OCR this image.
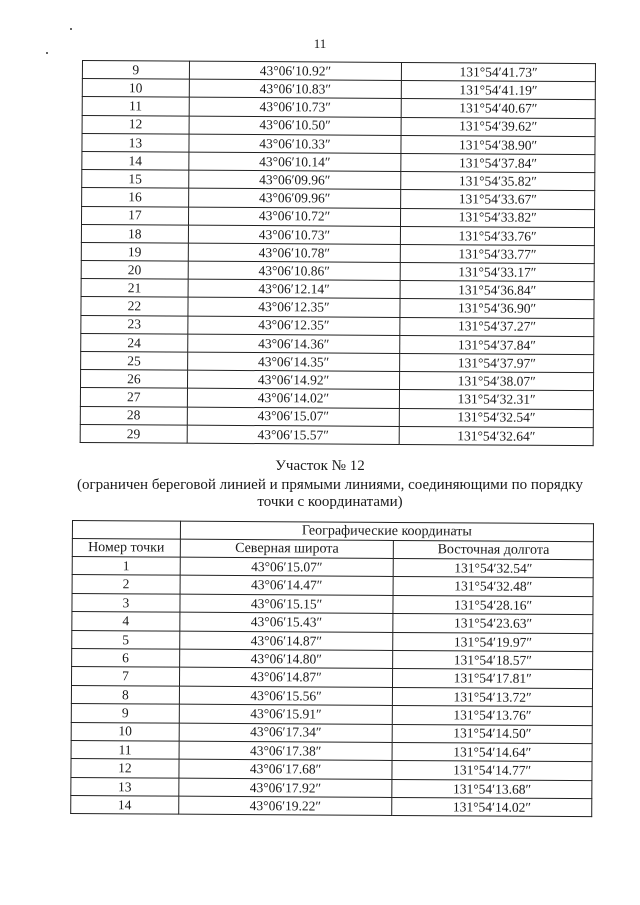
11
9	43°06′10.92″	131°54′41.73″
10	43°06′10.83″	131°54′41.19″
11	43°06′10.73″	131°54′40.67″
12	43°06′10.50″	131°54′39.62″
13	43°06′10.33″	131°54′38.90″
14	43°06′10.14″	131°54′37.84″
15	43°06′09.96″	131°54′35.82″
16	43°06′09.96″	131°54′33.67″
17	43°06′10.72″	131°54′33.82″
18	43°06′10.73″	131°54′33.76″
19	43°06′10.78″	131°54′33.77″
20	43°06′10.86″	131°54′33.17″
21	43°06′12.14″	131°54′36.84″
22	43°06′12.35″	131°54′36.90″
23	43°06′12.35″	131°54′37.27″
24	43°06′14.36″	131°54′37.84″
25	43°06′14.35″	131°54′37.97″
26	43°06′14.92″	131°54′38.07″
27	43°06′14.02″	131°54′32.31″
28	43°06′15.07″	131°54′32.54″
29	43°06′15.57″	131°54′32.64″
Участок № 12
(ограничен береговой линией и прямыми линиями, соединяющими по порядку точки с координатами)
	Географические координаты	
Номер точки	Северная широта	Восточная долгота
1	43°06′15.07″	131°54′32.54″
2	43°06′14.47″	131°54′32.48″
3	43°06′15.15″	131°54′28.16″
4	43°06′15.43″	131°54′23.63″
5	43°06′14.87″	131°54′19.97″
6	43°06′14.80″	131°54′18.57″
7	43°06′14.87″	131°54′17.81″
8	43°06′15.56″	131°54′13.72″
9	43°06′15.91″	131°54′13.76″
10	43°06′17.34″	131°54′14.50″
11	43°06′17.38″	131°54′14.64″
12	43°06′17.68″	131°54′14.77″
13	43°06′17.92″	131°54′13.68″
14	43°06′19.22″	131°54′14.02″
